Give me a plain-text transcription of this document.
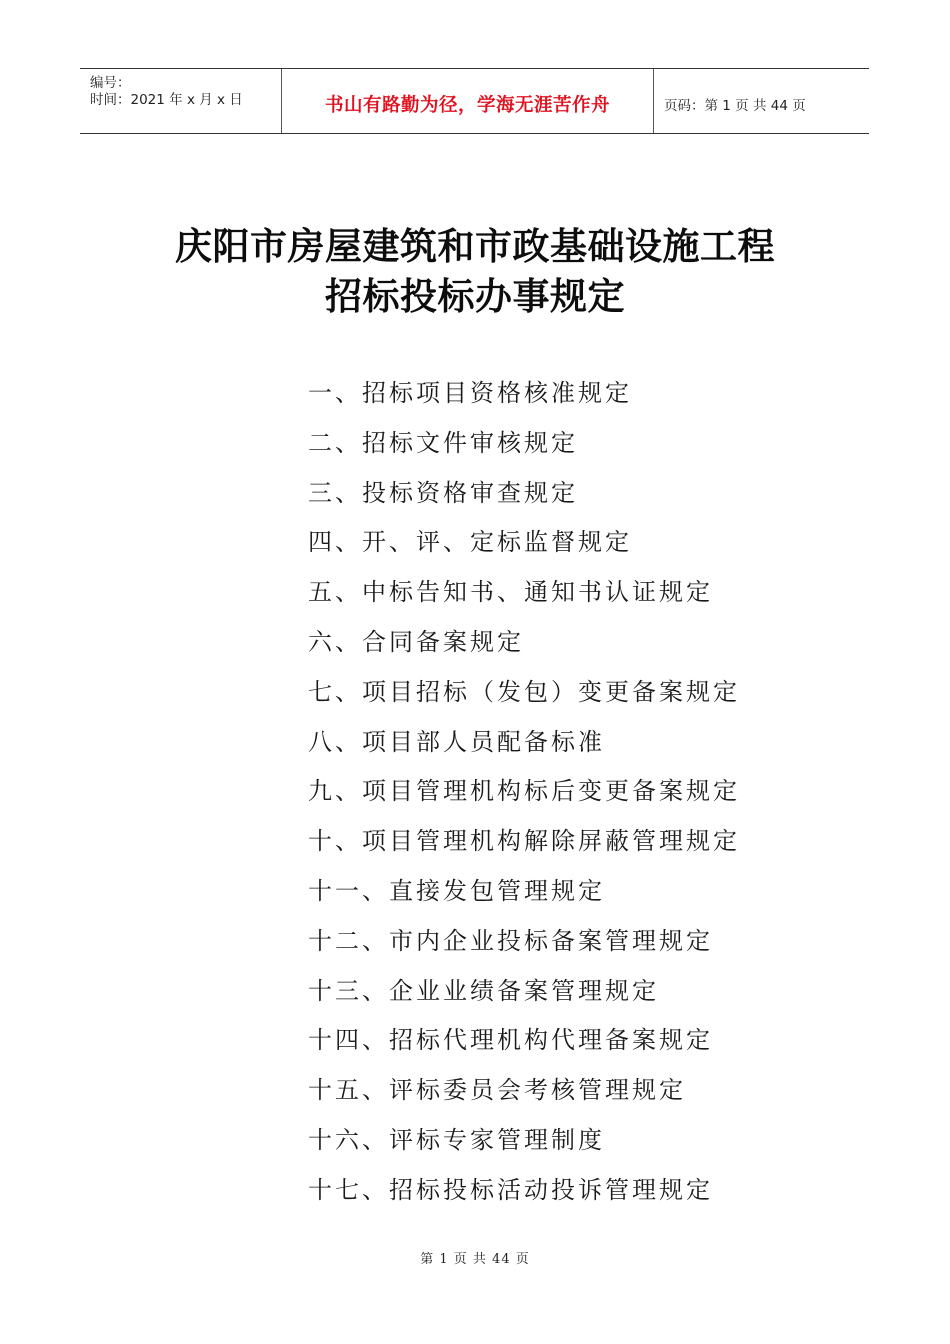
编号：
时间：2021 年 x 月 x 日	书山有路勤为径，学海无涯苦作舟	页码：第 1 页 共 44 页
庆阳市房屋建筑和市政基础设施工程
招标投标办事规定
一、招标项目资格核准规定
二、招标文件审核规定
三、投标资格审查规定
四、开、评、定标监督规定
五、中标告知书、通知书认证规定
六、合同备案规定
七、项目招标（发包）变更备案规定
八、项目部人员配备标准
九、项目管理机构标后变更备案规定
十、项目管理机构解除屏蔽管理规定
十一、直接发包管理规定
十二、市内企业投标备案管理规定
十三、企业业绩备案管理规定
十四、招标代理机构代理备案规定
十五、评标委员会考核管理规定
十六、评标专家管理制度
十七、招标投标活动投诉管理规定
第 1 页 共 44 页
